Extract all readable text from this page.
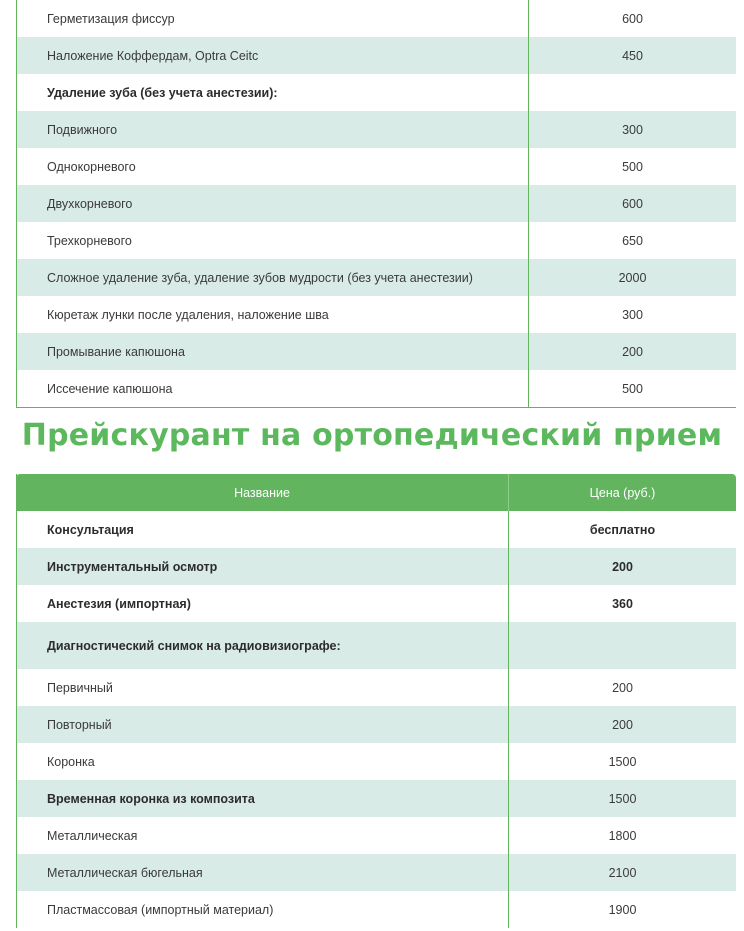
Герметизация фиссур	600
Наложение Коффердам, Optra Ceitc	450
Удаление зуба (без учета анестезии):
Подвижного	300
Однокорневого	500
Двухкорневого	600
Трехкорневого	650
Сложное удаление зуба, удаление зубов мудрости (без учета анестезии)	2000
Кюретаж лунки после удаления, наложение шва	300
Промывание капюшона	200
Иссечение капюшона	500
Прейскурант на ортопедический прием
Название	Цена (руб.)
Консультация	бесплатно
Инструментальный осмотр	200
Анестезия (импортная)	360
Диагностический снимок на радиовизиографе:
Первичный	200
Повторный	200
Коронка	1500
Временная коронка из композита	1500
Металлическая	1800
Металлическая бюгельная	2100
Пластмассовая (импортный материал)	1900
